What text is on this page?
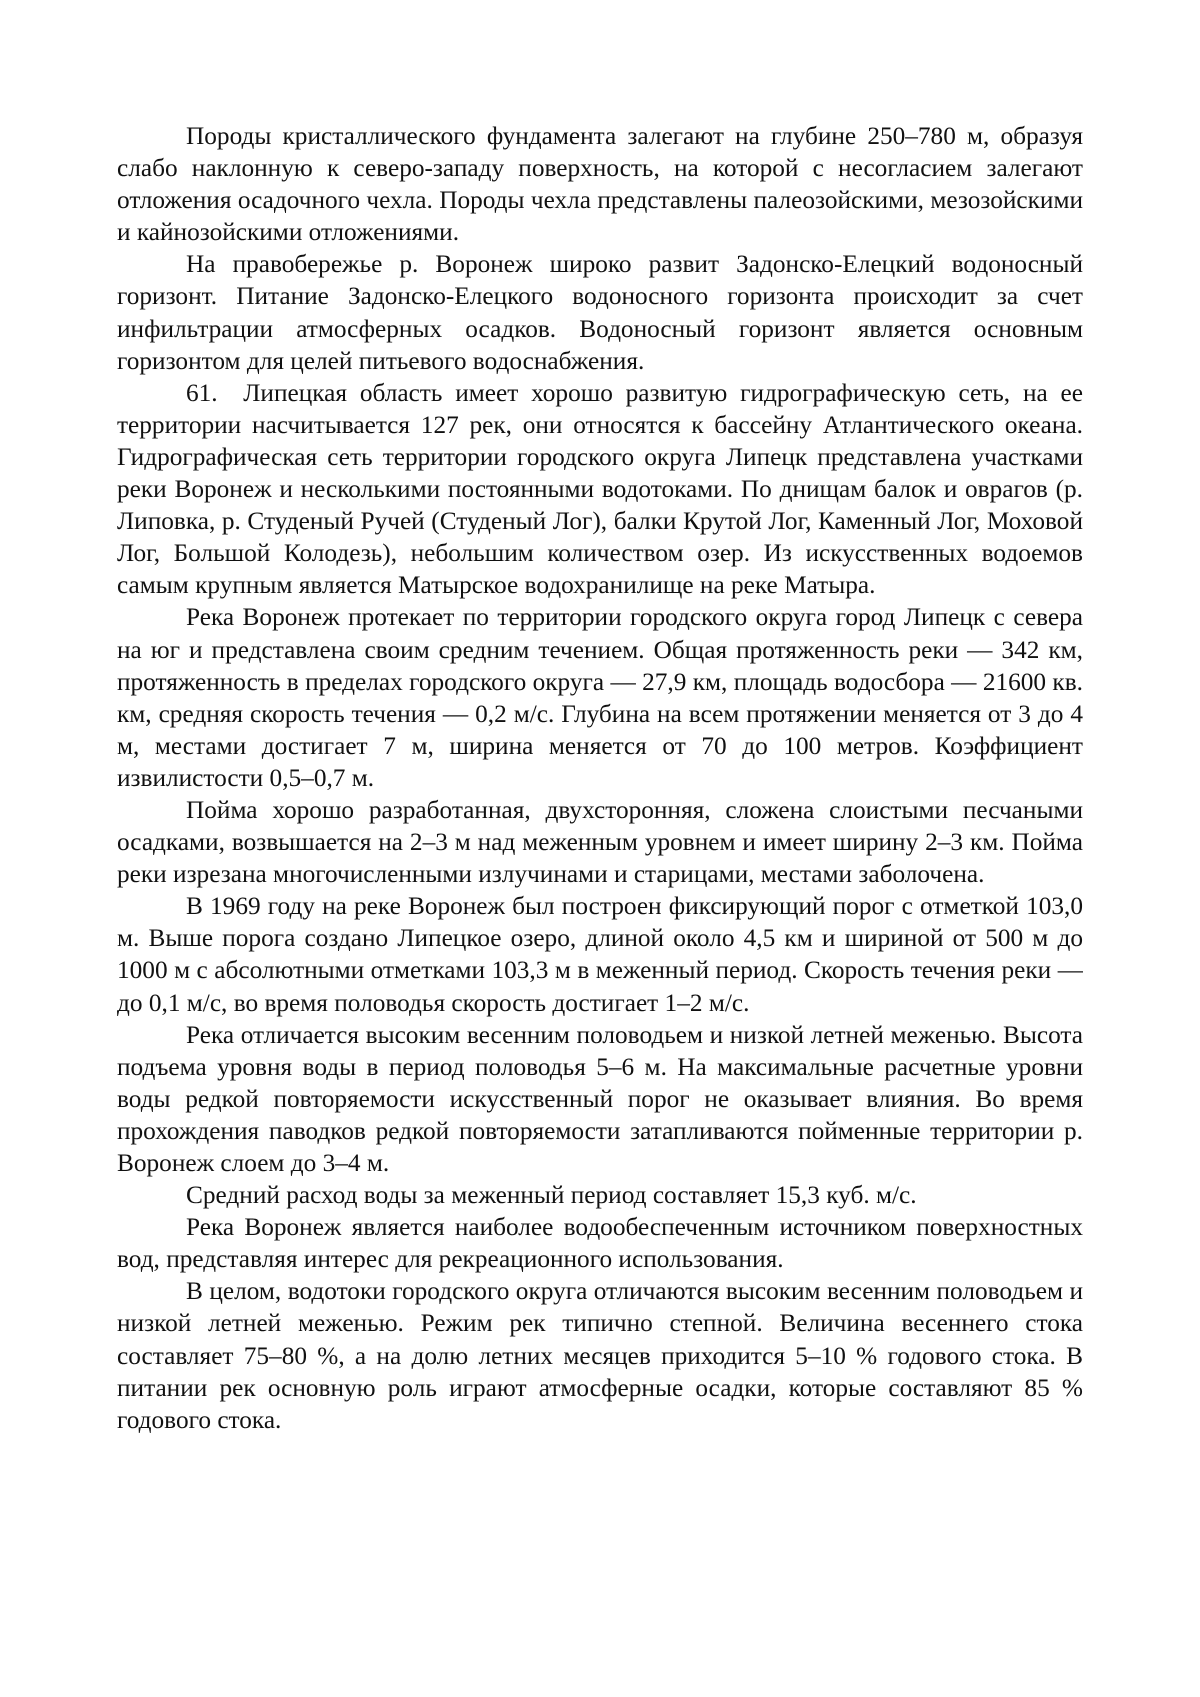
Породы кристаллического фундамента залегают на глубине 250–780 м, образуя слабо наклонную к северо-западу поверхность, на которой с несогласием залегают отложения осадочного чехла. Породы чехла представлены палеозойскими, мезозойскими и кайнозойскими отложениями.

На правобережье р. Воронеж широко развит Задонско-Елецкий водоносный горизонт. Питание Задонско-Елецкого водоносного горизонта происходит за счет инфильтрации атмосферных осадков. Водоносный горизонт является основным горизонтом для целей питьевого водоснабжения.

61.  Липецкая область имеет хорошо развитую гидрографическую сеть, на ее территории насчитывается 127 рек, они относятся к бассейну Атлантического океана. Гидрографическая сеть территории городского округа Липецк представлена участками реки Воронеж и несколькими постоянными водотоками. По днищам балок и оврагов (р. Липовка, р. Студеный Ручей (Студеный Лог), балки Крутой Лог, Каменный Лог, Моховой Лог, Большой Колодезь), небольшим количеством озер. Из искусственных водоемов самым крупным является Матырское водохранилище на реке Матыра.

Река Воронеж протекает по территории городского округа город Липецк с севера на юг и представлена своим средним течением. Общая протяженность реки — 342 км, протяженность в пределах городского округа — 27,9 км, площадь водосбора — 21600 кв. км, средняя скорость течения — 0,2 м/с. Глубина на всем протяжении меняется от 3 до 4 м, местами достигает 7 м, ширина меняется от 70 до 100 метров. Коэффициент извилистости 0,5–0,7 м.

Пойма хорошо разработанная, двухсторонняя, сложена слоистыми песчаными осадками, возвышается на 2–3 м над меженным уровнем и имеет ширину 2–3 км. Пойма реки изрезана многочисленными излучинами и старицами, местами заболочена.

В 1969 году на реке Воронеж был построен фиксирующий порог с отметкой 103,0 м. Выше порога создано Липецкое озеро, длиной около 4,5 км и шириной от 500 м до 1000 м с абсолютными отметками 103,3 м в меженный период. Скорость течения реки — до 0,1 м/с, во время половодья скорость достигает 1–2 м/с.

Река отличается высоким весенним половодьем и низкой летней меженью. Высота подъема уровня воды в период половодья 5–6 м. На максимальные расчетные уровни воды редкой повторяемости искусственный порог не оказывает влияния. Во время прохождения паводков редкой повторяемости затапливаются пойменные территории р. Воронеж слоем до 3–4 м.

Средний расход воды за меженный период составляет 15,3 куб. м/с.

Река Воронеж является наиболее водообеспеченным источником поверхностных вод, представляя интерес для рекреационного использования.

В целом, водотоки городского округа отличаются высоким весенним половодьем и низкой летней меженью. Режим рек типично степной. Величина весеннего стока составляет 75–80 %, а на долю летних месяцев приходится 5–10 % годового стока. В питании рек основную роль играют атмосферные осадки, которые составляют 85 % годового стока.
